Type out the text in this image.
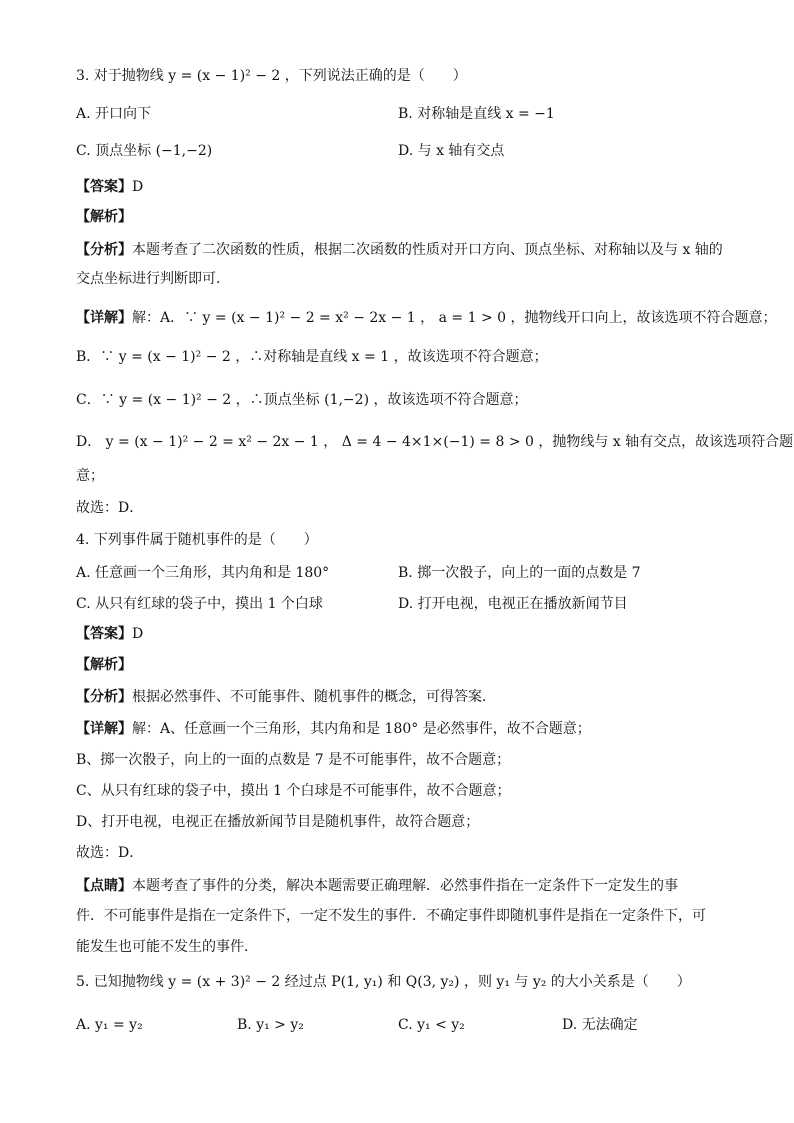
3. 对于抛物线 y = (x − 1)² − 2 ，下列说法正确的是（　　）
A. 开口向下	B. 对称轴是直线 x = −1
C. 顶点坐标 (−1,−2)	D. 与 x 轴有交点
【答案】D
【解析】
【分析】本题考查了二次函数的性质，根据二次函数的性质对开口方向、顶点坐标、对称轴以及与 x 轴的
交点坐标进行判断即可．
【详解】解：A．∵ y = (x − 1)² − 2 = x² − 2x − 1 ， a = 1 > 0 ，抛物线开口向上，故该选项不符合题意；
B．∵ y = (x − 1)² − 2 ，∴对称轴是直线 x = 1 ，故该选项不符合题意；
C．∵ y = (x − 1)² − 2 ，∴顶点坐标 (1,−2) ，故该选项不符合题意；
D． y = (x − 1)² − 2 = x² − 2x − 1 ， Δ = 4 − 4×1×(−1) = 8 > 0 ，抛物线与 x 轴有交点，故该选项符合题
意；
故选：D．
4. 下列事件属于随机事件的是（　　）
A. 任意画一个三角形，其内角和是 180°	B. 掷一次骰子，向上的一面的点数是 7
C. 从只有红球的袋子中，摸出 1 个白球	D. 打开电视，电视正在播放新闻节目
【答案】D
【解析】
【分析】根据必然事件、不可能事件、随机事件的概念，可得答案．
【详解】解：A、任意画一个三角形，其内角和是 180° 是必然事件，故不合题意；
B、掷一次骰子，向上的一面的点数是 7 是不可能事件，故不合题意；
C、从只有红球的袋子中，摸出 1 个白球是不可能事件，故不合题意；
D、打开电视，电视正在播放新闻节目是随机事件，故符合题意；
故选：D．
【点睛】本题考查了事件的分类，解决本题需要正确理解．必然事件指在一定条件下一定发生的事
件．不可能事件是指在一定条件下，一定不发生的事件．不确定事件即随机事件是指在一定条件下，可
能发生也可能不发生的事件．
5. 已知抛物线 y = (x + 3)² − 2 经过点 P(1, y₁) 和 Q(3, y₂) ，则 y₁ 与 y₂ 的大小关系是（　　）
A. y₁ = y₂	B. y₁ > y₂	C. y₁ < y₂	D. 无法确定
